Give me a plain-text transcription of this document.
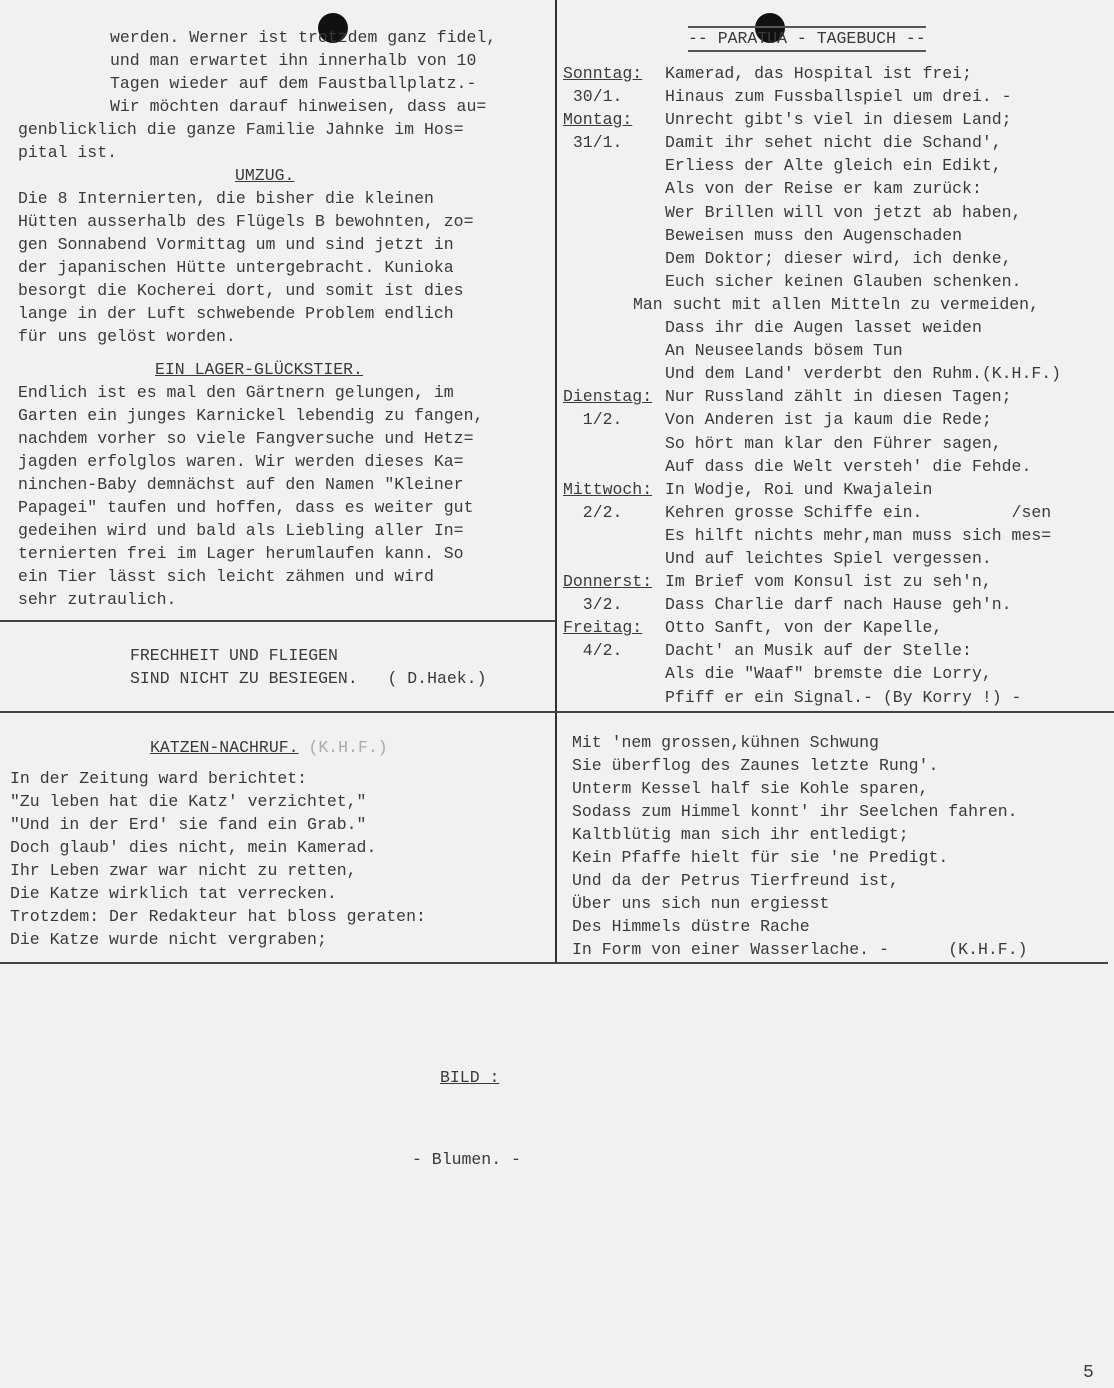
werden. Werner ist trotzdem ganz fidel,
und man erwartet ihn innerhalb von 10
Tagen wieder auf dem Faustballplatz.-
Wir möchten darauf hinweisen, dass au=
genblicklich die ganze Familie Jahnke im Hos=
pital ist.
UMZUG.
Die 8 Internierten, die bisher die kleinen
Hütten ausserhalb des Flügels B bewohnten, zo=
gen Sonnabend Vormittag um und sind jetzt in
der japanischen Hütte untergebracht. Kunioka
besorgt die Kocherei dort, und somit ist dies
lange in der Luft schwebende Problem endlich
für uns gelöst worden.
EIN LAGER-GLÜCKSTIER.
Endlich ist es mal den Gärtnern gelungen, im
Garten ein junges Karnickel lebendig zu fangen,
nachdem vorher so viele Fangversuche und Hetz=
jagden erfolglos waren. Wir werden dieses Ka=
ninchen-Baby demnächst auf den Namen "Kleiner
Papagei" taufen und hoffen, dass es weiter gut
gedeihen wird und bald als Liebling aller In=
ternierten frei im Lager herumlaufen kann. So
ein Tier lässt sich leicht zähmen und wird
sehr zutraulich.
FRECHHEIT UND FLIEGEN
SIND NICHT ZU BESIEGEN. ( D.Haek.)
-- PARATUA - TAGEBUCH --
Sonntag:	Kamerad, das Hospital ist frei;
30/1.	Hinaus zum Fussballspiel um drei. -
Montag:	Unrecht gibt's viel in diesem Land;
31/1.	Damit ihr sehet nicht die Schand',
Erliess der Alte gleich ein Edikt,
Als von der Reise er kam zurück:
Wer Brillen will von jetzt ab haben,
Beweisen muss den Augenschaden
Dem Doktor; dieser wird, ich denke,
Euch sicher keinen Glauben schenken.
Man sucht mit allen Mitteln zu vermeiden,
Dass ihr die Augen lasset weiden
An Neuseelands bösem Tun
Und dem Land' verderbt den Ruhm.(K.H.F.)
Dienstag: Nur Russland zählt in diesen Tagen;
1/2.	Von Anderen ist ja kaum die Rede;
So hört man klar den Führer sagen,
Auf dass die Welt versteh' die Fehde.
Mittwoch: In Wodje, Roi und Kwajalein
2/2.	Kehren grosse Schiffe ein.         /sen
Es hilft nichts mehr,man muss sich mes=
Und auf leichtes Spiel vergessen.
Donnerst: Im Brief vom Konsul ist zu seh'n,
3/2.	Dass Charlie darf nach Hause geh'n.
Freitag:	Otto Sanft, von der Kapelle,
4/2.	Dacht' an Musik auf der Stelle:
Als die "Waaf" bremste die Lorry,
Pfiff er ein Signal.- (By Korry !) -
KATZEN-NACHRUF. (K.H.F.)
In der Zeitung ward berichtet:
"Zu leben hat die Katz' verzichtet,"
"Und in der Erd' sie fand ein Grab."
Doch glaub' dies nicht, mein Kamerad.
Ihr Leben zwar war nicht zu retten,
Die Katze wirklich tat verrecken.
Trotzdem: Der Redakteur hat bloss geraten:
Die Katze wurde nicht vergraben;
Mit 'nem grossen,kühnen Schwung
Sie überflog des Zaunes letzte Rung'.
Unterm Kessel half sie Kohle sparen,
Sodass zum Himmel konnt' ihr Seelchen fahren.
Kaltblütig man sich ihr entledigt;
Kein Pfaffe hielt für sie 'ne Predigt.
Und da der Petrus Tierfreund ist,
Über uns sich nun ergiesst
Des Himmels düstre Rache
In Form von einer Wasserlache. -	(K.H.F.)
BILD :
- Blumen. -
5
